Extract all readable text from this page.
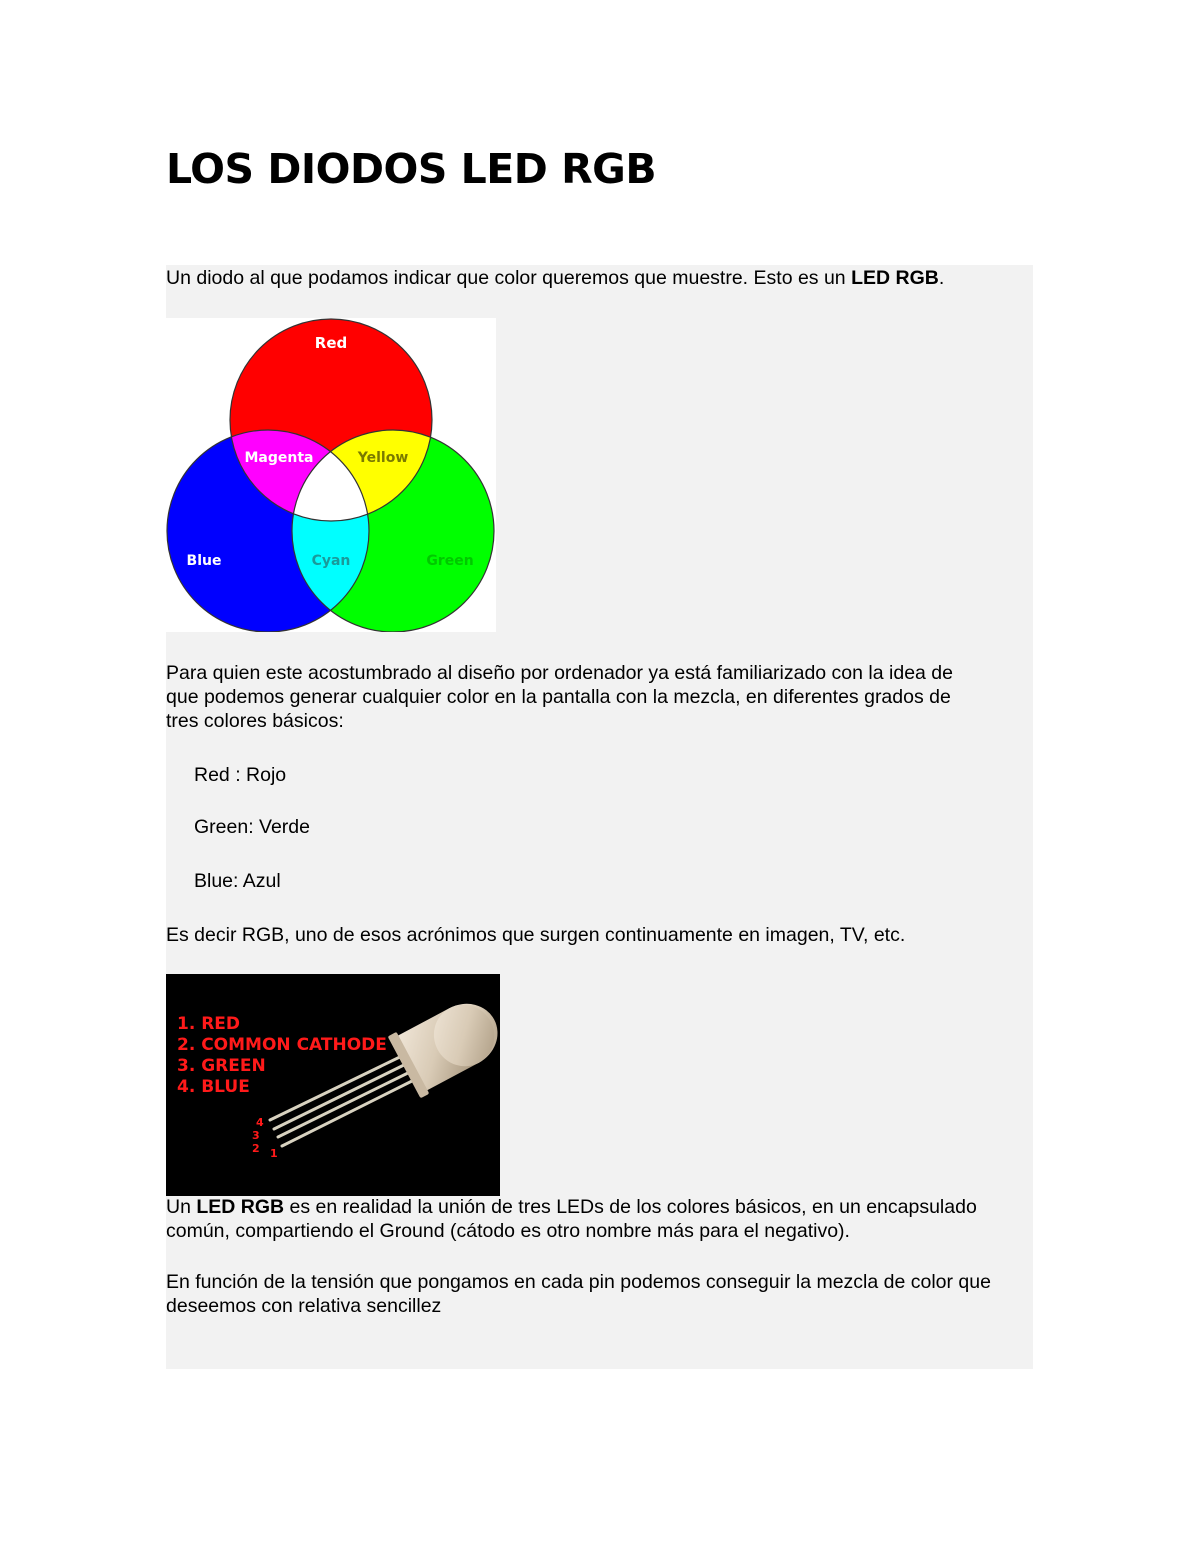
LOS DIODOS LED RGB

Un diodo al que podamos indicar que color queremos que muestre. Esto es un LED RGB.

Red
Magenta	Yellow
Blue	Cyan	Green

Para quien este acostumbrado al diseño por ordenador ya está familiarizado con la idea de
que podemos generar cualquier color en la pantalla con la mezcla, en diferentes grados de
tres colores básicos:

Red : Rojo

Green: Verde

Blue: Azul

Es decir RGB, uno de esos acrónimos que surgen continuamente en imagen, TV, etc.

1. RED
2. COMMON CATHODE
3. GREEN
4. BLUE
4
3
2 1

Un LED RGB es en realidad la unión de tres LEDs de los colores básicos, en un encapsulado
común, compartiendo el Ground (cátodo es otro nombre más para el negativo).

En función de la tensión que pongamos en cada pin podemos conseguir la mezcla de color que
deseemos con relativa sencillez
